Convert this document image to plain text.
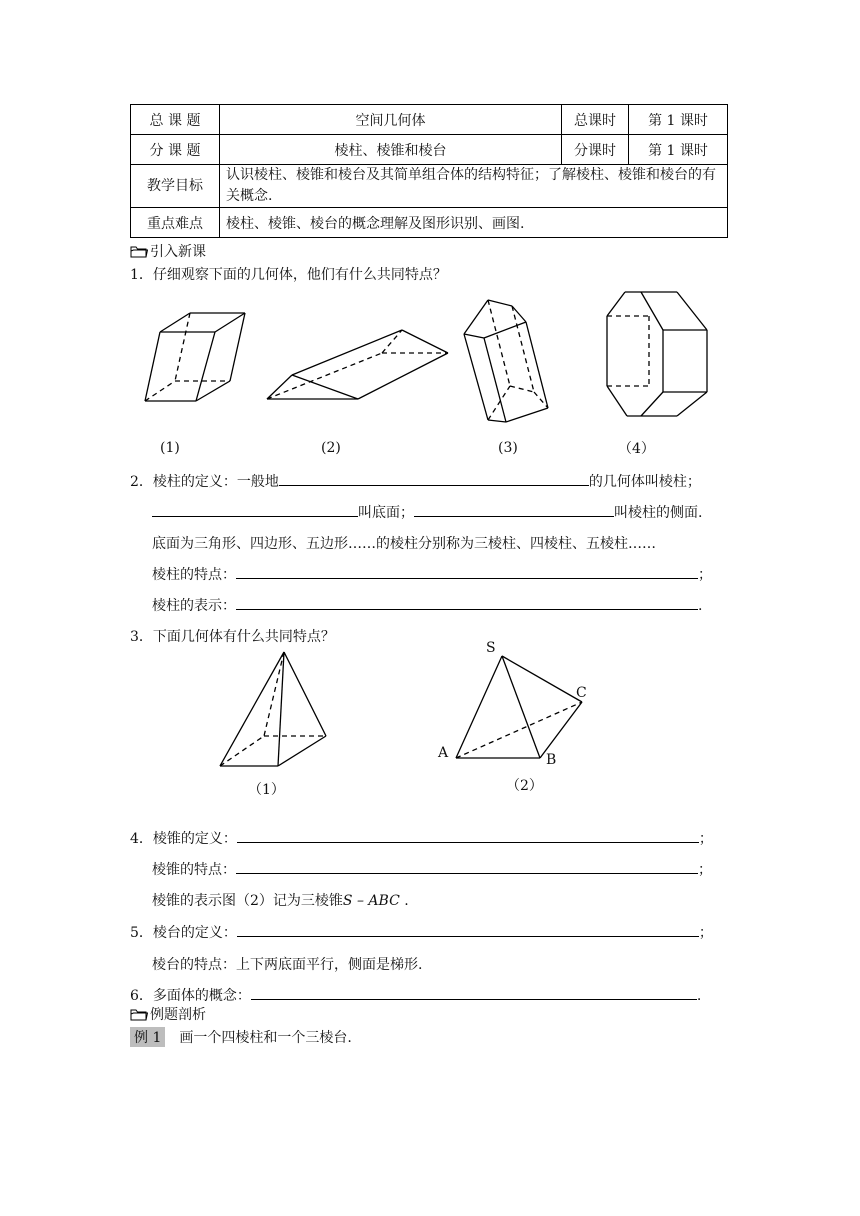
总 课 题	空间几何体	总课时	第 1 课时
分 课 题	棱柱、棱锥和棱台	分课时	第 1 课时
教学目标	认识棱柱、棱锥和棱台及其简单组合体的结构特征；了解棱柱、棱锥和棱台的有关概念.		
重点难点	棱柱、棱锥、棱台的概念理解及图形识别、画图.		
引入新课
1．仔细观察下面的几何体，他们有什么共同特点？
(1)	(2)	(3)	（4）
2．棱柱的定义：一般地	的几何体叫棱柱；
叫底面；	叫棱柱的侧面.
底面为三角形、四边形、五边形……的棱柱分别称为三棱柱、四棱柱、五棱柱……
棱柱的特点：	；
棱柱的表示：	.
3．下面几何体有什么共同特点？
（1）
S
C
A	B
（2）
4．棱锥的定义：	；
棱锥的特点：	；
棱锥的表示图（2）记为三棱锥S – ABC .
5．棱台的定义：	；
棱台的特点：上下两底面平行，侧面是梯形.
6．多面体的概念：	.
例题剖析
例 1 画一个四棱柱和一个三棱台.
